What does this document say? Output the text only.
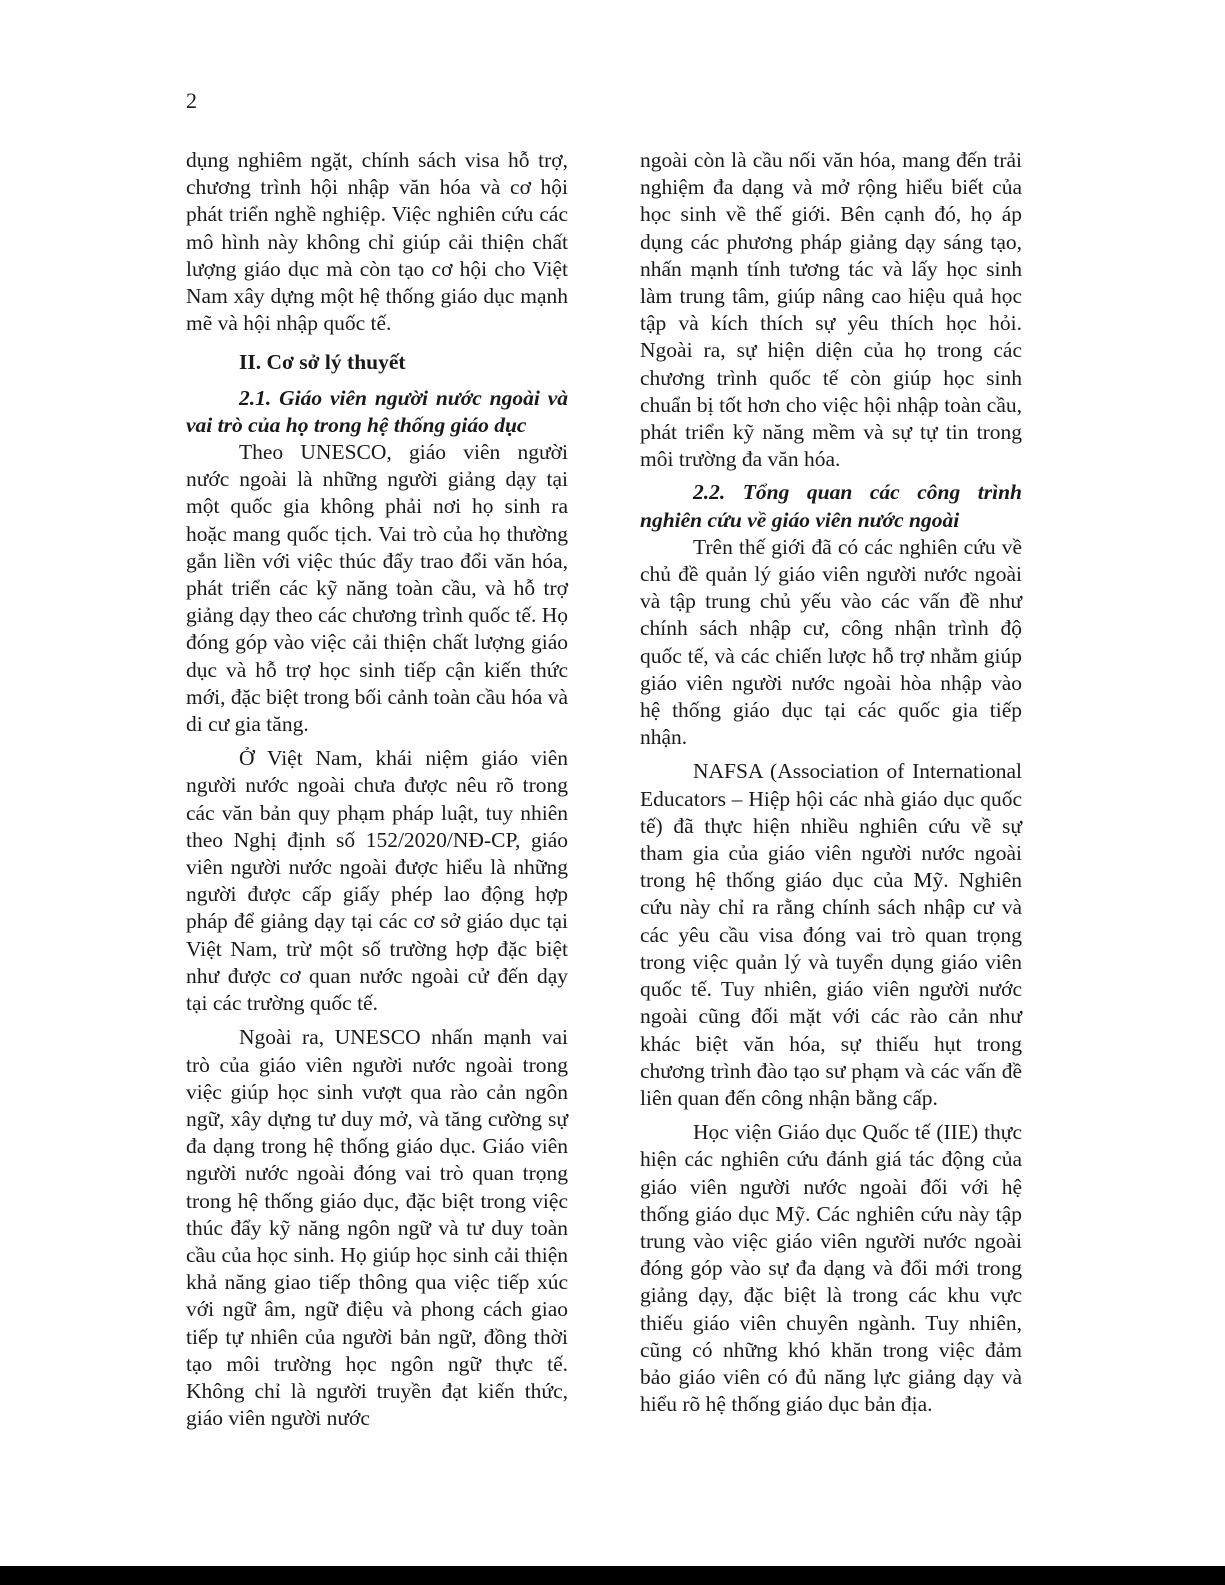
2

dụng nghiêm ngặt, chính sách visa hỗ trợ, chương trình hội nhập văn hóa và cơ hội phát triển nghề nghiệp. Việc nghiên cứu các mô hình này không chỉ giúp cải thiện chất lượng giáo dục mà còn tạo cơ hội cho Việt Nam xây dựng một hệ thống giáo dục mạnh mẽ và hội nhập quốc tế.

II. Cơ sở lý thuyết

2.1. Giáo viên người nước ngoài và vai trò của họ trong hệ thống giáo dục

Theo UNESCO, giáo viên người nước ngoài là những người giảng dạy tại một quốc gia không phải nơi họ sinh ra hoặc mang quốc tịch. Vai trò của họ thường gắn liền với việc thúc đẩy trao đổi văn hóa, phát triển các kỹ năng toàn cầu, và hỗ trợ giảng dạy theo các chương trình quốc tế. Họ đóng góp vào việc cải thiện chất lượng giáo dục và hỗ trợ học sinh tiếp cận kiến thức mới, đặc biệt trong bối cảnh toàn cầu hóa và di cư gia tăng.

Ở Việt Nam, khái niệm giáo viên người nước ngoài chưa được nêu rõ trong các văn bản quy phạm pháp luật, tuy nhiên theo Nghị định số 152/2020/NĐ-CP, giáo viên người nước ngoài được hiểu là những người được cấp giấy phép lao động hợp pháp để giảng dạy tại các cơ sở giáo dục tại Việt Nam, trừ một số trường hợp đặc biệt như được cơ quan nước ngoài cử đến dạy tại các trường quốc tế.

Ngoài ra, UNESCO nhấn mạnh vai trò của giáo viên người nước ngoài trong việc giúp học sinh vượt qua rào cản ngôn ngữ, xây dựng tư duy mở, và tăng cường sự đa dạng trong hệ thống giáo dục. Giáo viên người nước ngoài đóng vai trò quan trọng trong hệ thống giáo dục, đặc biệt trong việc thúc đẩy kỹ năng ngôn ngữ và tư duy toàn cầu của học sinh. Họ giúp học sinh cải thiện khả năng giao tiếp thông qua việc tiếp xúc với ngữ âm, ngữ điệu và phong cách giao tiếp tự nhiên của người bản ngữ, đồng thời tạo môi trường học ngôn ngữ thực tế. Không chỉ là người truyền đạt kiến thức, giáo viên người nước

ngoài còn là cầu nối văn hóa, mang đến trải nghiệm đa dạng và mở rộng hiểu biết của học sinh về thế giới. Bên cạnh đó, họ áp dụng các phương pháp giảng dạy sáng tạo, nhấn mạnh tính tương tác và lấy học sinh làm trung tâm, giúp nâng cao hiệu quả học tập và kích thích sự yêu thích học hỏi. Ngoài ra, sự hiện diện của họ trong các chương trình quốc tế còn giúp học sinh chuẩn bị tốt hơn cho việc hội nhập toàn cầu, phát triển kỹ năng mềm và sự tự tin trong môi trường đa văn hóa.

2.2. Tổng quan các công trình nghiên cứu về giáo viên nước ngoài

Trên thế giới đã có các nghiên cứu về chủ đề quản lý giáo viên người nước ngoài và tập trung chủ yếu vào các vấn đề như chính sách nhập cư, công nhận trình độ quốc tế, và các chiến lược hỗ trợ nhằm giúp giáo viên người nước ngoài hòa nhập vào hệ thống giáo dục tại các quốc gia tiếp nhận.

NAFSA (Association of International Educators – Hiệp hội các nhà giáo dục quốc tế) đã thực hiện nhiều nghiên cứu về sự tham gia của giáo viên người nước ngoài trong hệ thống giáo dục của Mỹ. Nghiên cứu này chỉ ra rằng chính sách nhập cư và các yêu cầu visa đóng vai trò quan trọng trong việc quản lý và tuyển dụng giáo viên quốc tế. Tuy nhiên, giáo viên người nước ngoài cũng đối mặt với các rào cản như khác biệt văn hóa, sự thiếu hụt trong chương trình đào tạo sư phạm và các vấn đề liên quan đến công nhận bằng cấp.

Học viện Giáo dục Quốc tế (IIE) thực hiện các nghiên cứu đánh giá tác động của giáo viên người nước ngoài đối với hệ thống giáo dục Mỹ. Các nghiên cứu này tập trung vào việc giáo viên người nước ngoài đóng góp vào sự đa dạng và đổi mới trong giảng dạy, đặc biệt là trong các khu vực thiếu giáo viên chuyên ngành. Tuy nhiên, cũng có những khó khăn trong việc đảm bảo giáo viên có đủ năng lực giảng dạy và hiểu rõ hệ thống giáo dục bản địa.
